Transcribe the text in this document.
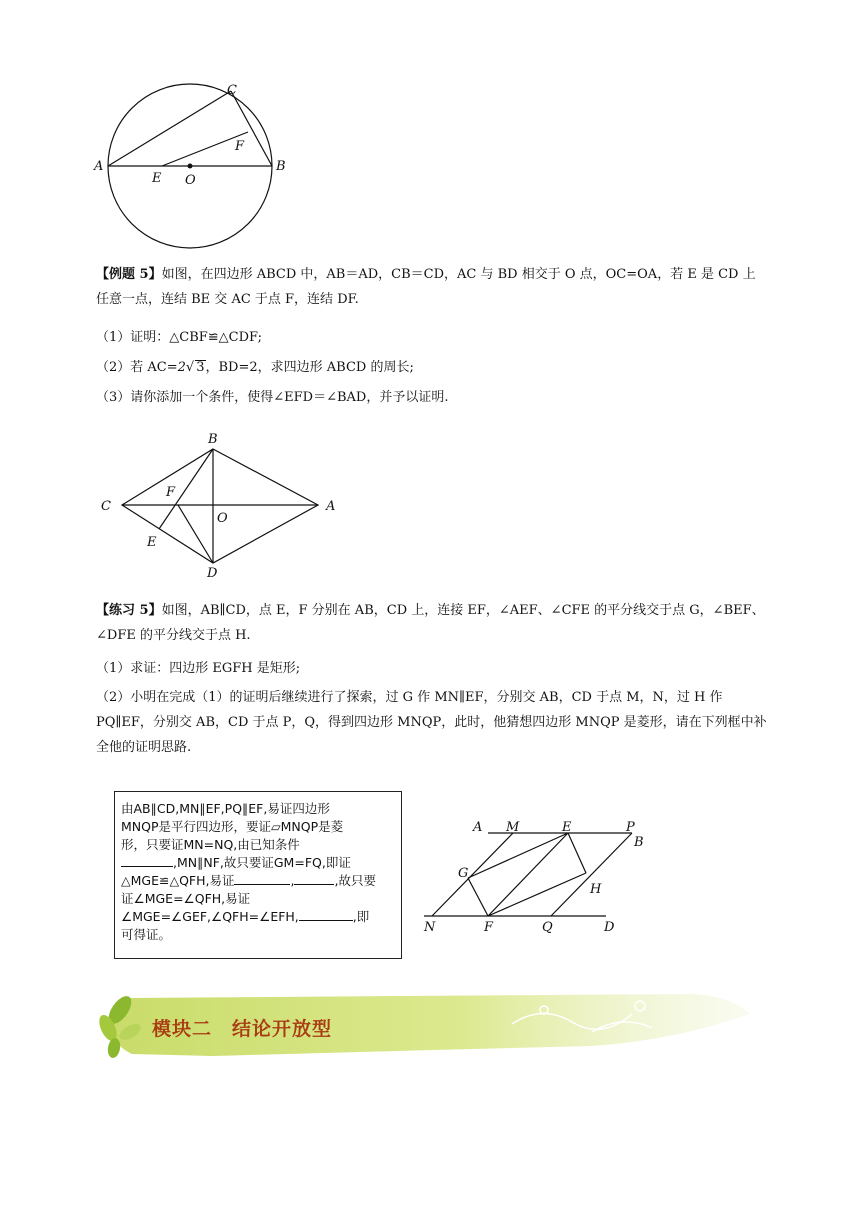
A	B
C
E
F
O

【例题 5】如图，在四边形 ABCD 中，AB＝AD，CB＝CD，AC 与 BD 相交于 O 点，OC=OA，若 E 是 CD 上任意一点，连结 BE 交 AC 于点 F，连结 DF.

（1）证明：△CBF≌△CDF;

（2）若 AC=2√ 3，BD=2，求四边形 ABCD 的周长;

（3）请你添加一个条件，使得∠EFD＝∠BAD，并予以证明.

B
A
C
D
F
O
E

【练习 5】如图，AB∥CD，点 E，F 分别在 AB，CD 上，连接 EF，∠AEF、∠CFE 的平分线交于点 G，∠BEF、∠DFE 的平分线交于点 H.

（1）求证：四边形 EGFH 是矩形;

（2）小明在完成（1）的证明后继续进行了探索，过 G 作 MN∥EF，分别交 AB，CD 于点 M，N，过 H 作 PQ∥EF，分别交 AB，CD 于点 P，Q，得到四边形 MNQP，此时，他猜想四边形 MNQP 是菱形，请在下列框中补全他的证明思路.

由AB∥CD,MN∥EF,PQ∥EF,易证四边形
MNQP是平行四边形，要证▱MNQP是菱
形，只要证MN=NQ,由已知条件
,MN∥NF,故只要证GM=FQ,即证
△MGE≌△QFH,易证	,	,故只要
证∠MGE=∠QFH,易证
∠MGE=∠GEF,∠QFH=∠EFH,	,即
可得证。
A M	E	P
B
G
H
N	F	Q	D
模块二　结论开放型
